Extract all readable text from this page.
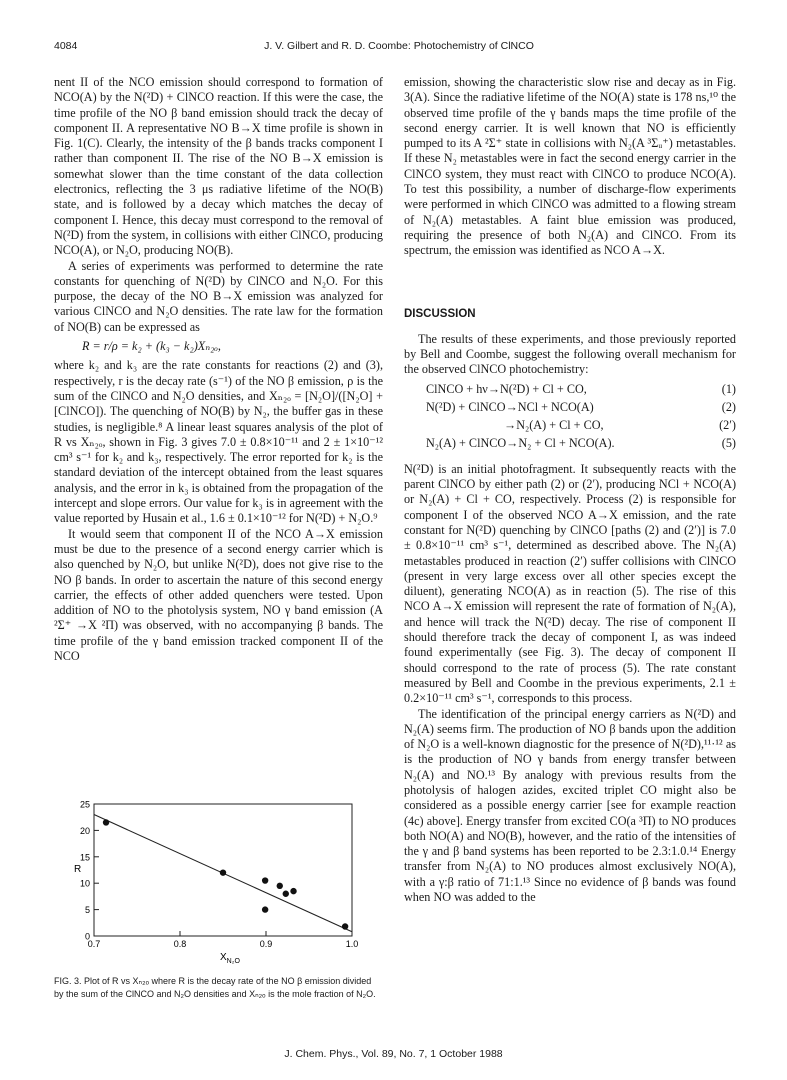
4084	J. V. Gilbert and R. D. Coombe: Photochemistry of ClNCO

nent II of the NCO emission should correspond to formation of NCO(A) by the N(²D) + ClNCO reaction. If this were the case, the time profile of the NO β band emission should track the decay of component II. A representative NO B→X time profile is shown in Fig. 1(C). Clearly, the intensity of the β bands tracks component I rather than component II. The rise of the NO B→X emission is somewhat slower than the time constant of the data collection electronics, reflecting the 3 μs radiative lifetime of the NO(B) state, and is followed by a decay which matches the decay of component I. Hence, this decay must correspond to the removal of N(²D) from the system, in collisions with either ClNCO, producing NCO(A), or N₂O, producing NO(B).

A series of experiments was performed to determine the rate constants for quenching of N(²D) by ClNCO and N₂O. For this purpose, the decay of the NO B→X emission was analyzed for various ClNCO and N₂O densities. The rate law for the formation of NO(B) can be expressed as

R = r/ρ = k₂ + (k₃ − k₂)Xₙ₂ₒ,

where k₂ and k₃ are the rate constants for reactions (2) and (3), respectively, r is the decay rate (s⁻¹) of the NO β emission, ρ is the sum of the ClNCO and N₂O densities, and Xₙ₂ₒ = [N₂O]/([N₂O] + [ClNCO]). The quenching of NO(B) by N₂, the buffer gas in these studies, is negligible.⁸ A linear least squares analysis of the plot of R vs Xₙ₂ₒ, shown in Fig. 3 gives 7.0 ± 0.8×10⁻¹¹ and 2 ± 1×10⁻¹² cm³ s⁻¹ for k₂ and k₃, respectively. The error reported for k₂ is the standard deviation of the intercept obtained from the least squares analysis, and the error in k₃ is obtained from the propagation of the intercept and slope errors. Our value for k₃ is in agreement with the value reported by Husain et al., 1.6 ± 0.1×10⁻¹² for N(²D) + N₂O.⁹

It would seem that component II of the NCO A→X emission must be due to the presence of a second energy carrier which is also quenched by N₂O, but unlike N(²D), does not give rise to the NO β bands. In order to ascertain the nature of this second energy carrier, the effects of other added quenchers were tested. Upon addition of NO to the photolysis system, NO γ band emission (A ²Σ⁺ →X ²Π) was observed, with no accompanying β bands. The time profile of the γ band emission tracked component II of the NCO

emission, showing the characteristic slow rise and decay as in Fig. 3(A). Since the radiative lifetime of the NO(A) state is 178 ns,¹⁰ the observed time profile of the γ bands maps the time profile of the second energy carrier. It is well known that NO is efficiently pumped to its A ²Σ⁺ state in collisions with N₂(A ³Σᵤ⁺) metastables. If these N₂ metastables were in fact the second energy carrier in the ClNCO system, they must react with ClNCO to produce NCO(A). To test this possibility, a number of discharge-flow experiments were performed in which ClNCO was admitted to a flowing stream of N₂(A) metastables. A faint blue emission was produced, requiring the presence of both N₂(A) and ClNCO. From its spectrum, the emission was identified as NCO A→X.

DISCUSSION

The results of these experiments, and those previously reported by Bell and Coombe, suggest the following overall mechanism for the observed ClNCO photochemistry:

ClNCO + hν→N(²D) + Cl + CO,	(1)
N(²D) + ClNCO→NCl + NCO(A)	(2)
→N₂(A) + Cl + CO,	(2′)
N₂(A) + ClNCO→N₂ + Cl + NCO(A).	(5)

N(²D) is an initial photofragment. It subsequently reacts with the parent ClNCO by either path (2) or (2′), producing NCl + NCO(A) or N₂(A) + Cl + CO, respectively. Process (2) is responsible for component I of the observed NCO A→X emission, and the rate constant for N(²D) quenching by ClNCO [paths (2) and (2′)] is 7.0 ± 0.8×10⁻¹¹ cm³ s⁻¹, determined as described above. The N₂(A) metastables produced in reaction (2′) suffer collisions with ClNCO (present in very large excess over all other species except the diluent), generating NCO(A) as in reaction (5). The rise of this NCO A→X emission will represent the rate of formation of N₂(A), and hence will track the N(²D) decay. The rise of component II should therefore track the decay of component I, as was indeed found experimentally (see Fig. 3). The decay of component II should correspond to the rate of process (5). The rate constant measured by Bell and Coombe in the previous experiments, 2.1 ± 0.2×10⁻¹¹ cm³ s⁻¹, corresponds to this process.

The identification of the principal energy carriers as N(²D) and N₂(A) seems firm. The production of NO β bands upon the addition of N₂O is a well-known diagnostic for the presence of N(²D),¹¹·¹² as is the production of NO γ bands from energy transfer between N₂(A) and NO.¹³ By analogy with previous results from the photolysis of halogen azides, excited triplet CO might also be considered as a possible energy carrier [see for example reaction (4c) above]. Energy transfer from excited CO(a ³Π) to NO produces both NO(A) and NO(B), however, and the ratio of the intensities of the γ and β band systems has been reported to be 2.3:1.0.¹⁴ Energy transfer from N₂(A) to NO produces almost exclusively NO(A), with a γ:β ratio of 71:1.¹³ Since no evidence of β bands was found when NO was added to the

0
5
10
15
20
25
0.7	0.8	0.9	1.0
R
$X_{N_2O}$
FIG. 3. Plot of R vs Xₙ₂ₒ where R is the decay rate of the NO β emission divided by the sum of the ClNCO and N₂O densities and Xₙ₂ₒ is the mole fraction of N₂O.
J. Chem. Phys., Vol. 89, No. 7, 1 October 1988
